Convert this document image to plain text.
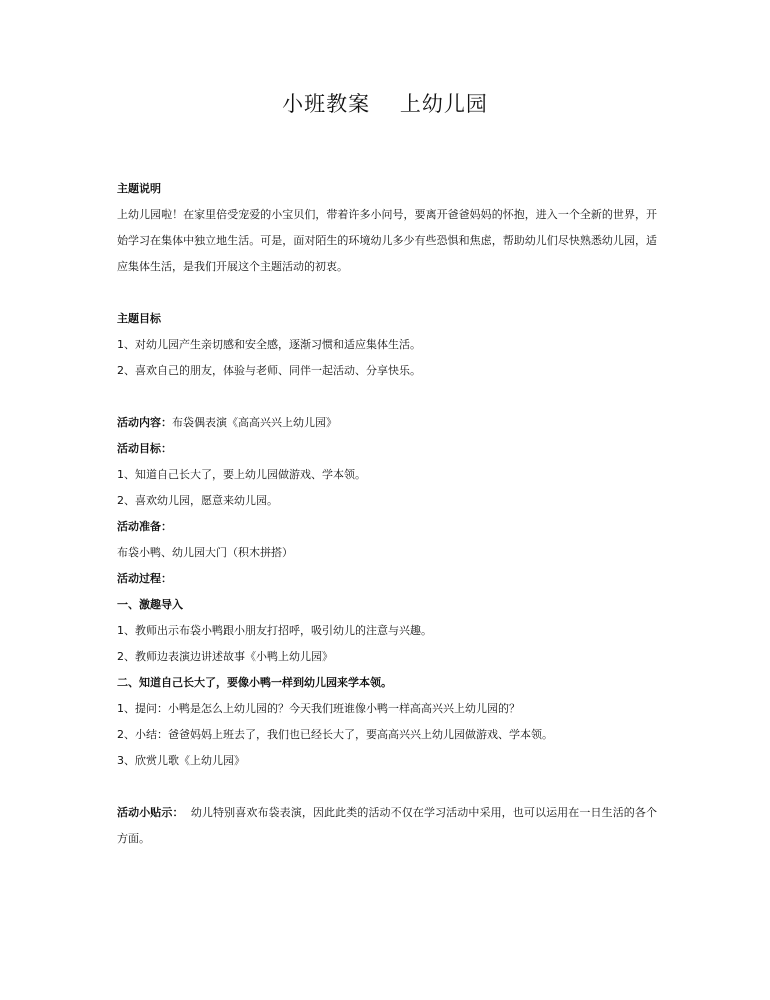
小班教案　 上幼儿园

主题说明

上幼儿园啦！在家里倍受宠爱的小宝贝们，带着许多小问号，要离开爸爸妈妈的怀抱，进入一个全新的世界，开始学习在集体中独立地生活。可是，面对陌生的环境幼儿多少有些恐惧和焦虑，帮助幼儿们尽快熟悉幼儿园，适应集体生活，是我们开展这个主题活动的初衷。

主题目标

1、对幼儿园产生亲切感和安全感，逐渐习惯和适应集体生活。

2、喜欢自己的朋友，体验与老师、同伴一起活动、分享快乐。

活动内容：布袋偶表演《高高兴兴上幼儿园》

活动目标：

1、知道自己长大了，要上幼儿园做游戏、学本领。

2、喜欢幼儿园，愿意来幼儿园。

活动准备：

布袋小鸭、幼儿园大门（积木拼搭）

活动过程：

一、激趣导入

1、教师出示布袋小鸭跟小朋友打招呼，吸引幼儿的注意与兴趣。

2、教师边表演边讲述故事《小鸭上幼儿园》

二、知道自己长大了，要像小鸭一样到幼儿园来学本领。

1、提问：小鸭是怎么上幼儿园的？今天我们班谁像小鸭一样高高兴兴上幼儿园的？

2、小结：爸爸妈妈上班去了，我们也已经长大了，要高高兴兴上幼儿园做游戏、学本领。

3、欣赏儿歌《上幼儿园》

活动小贴示：  幼儿特别喜欢布袋表演，因此此类的活动不仅在学习活动中采用，也可以运用在一日生活的各个方面。
